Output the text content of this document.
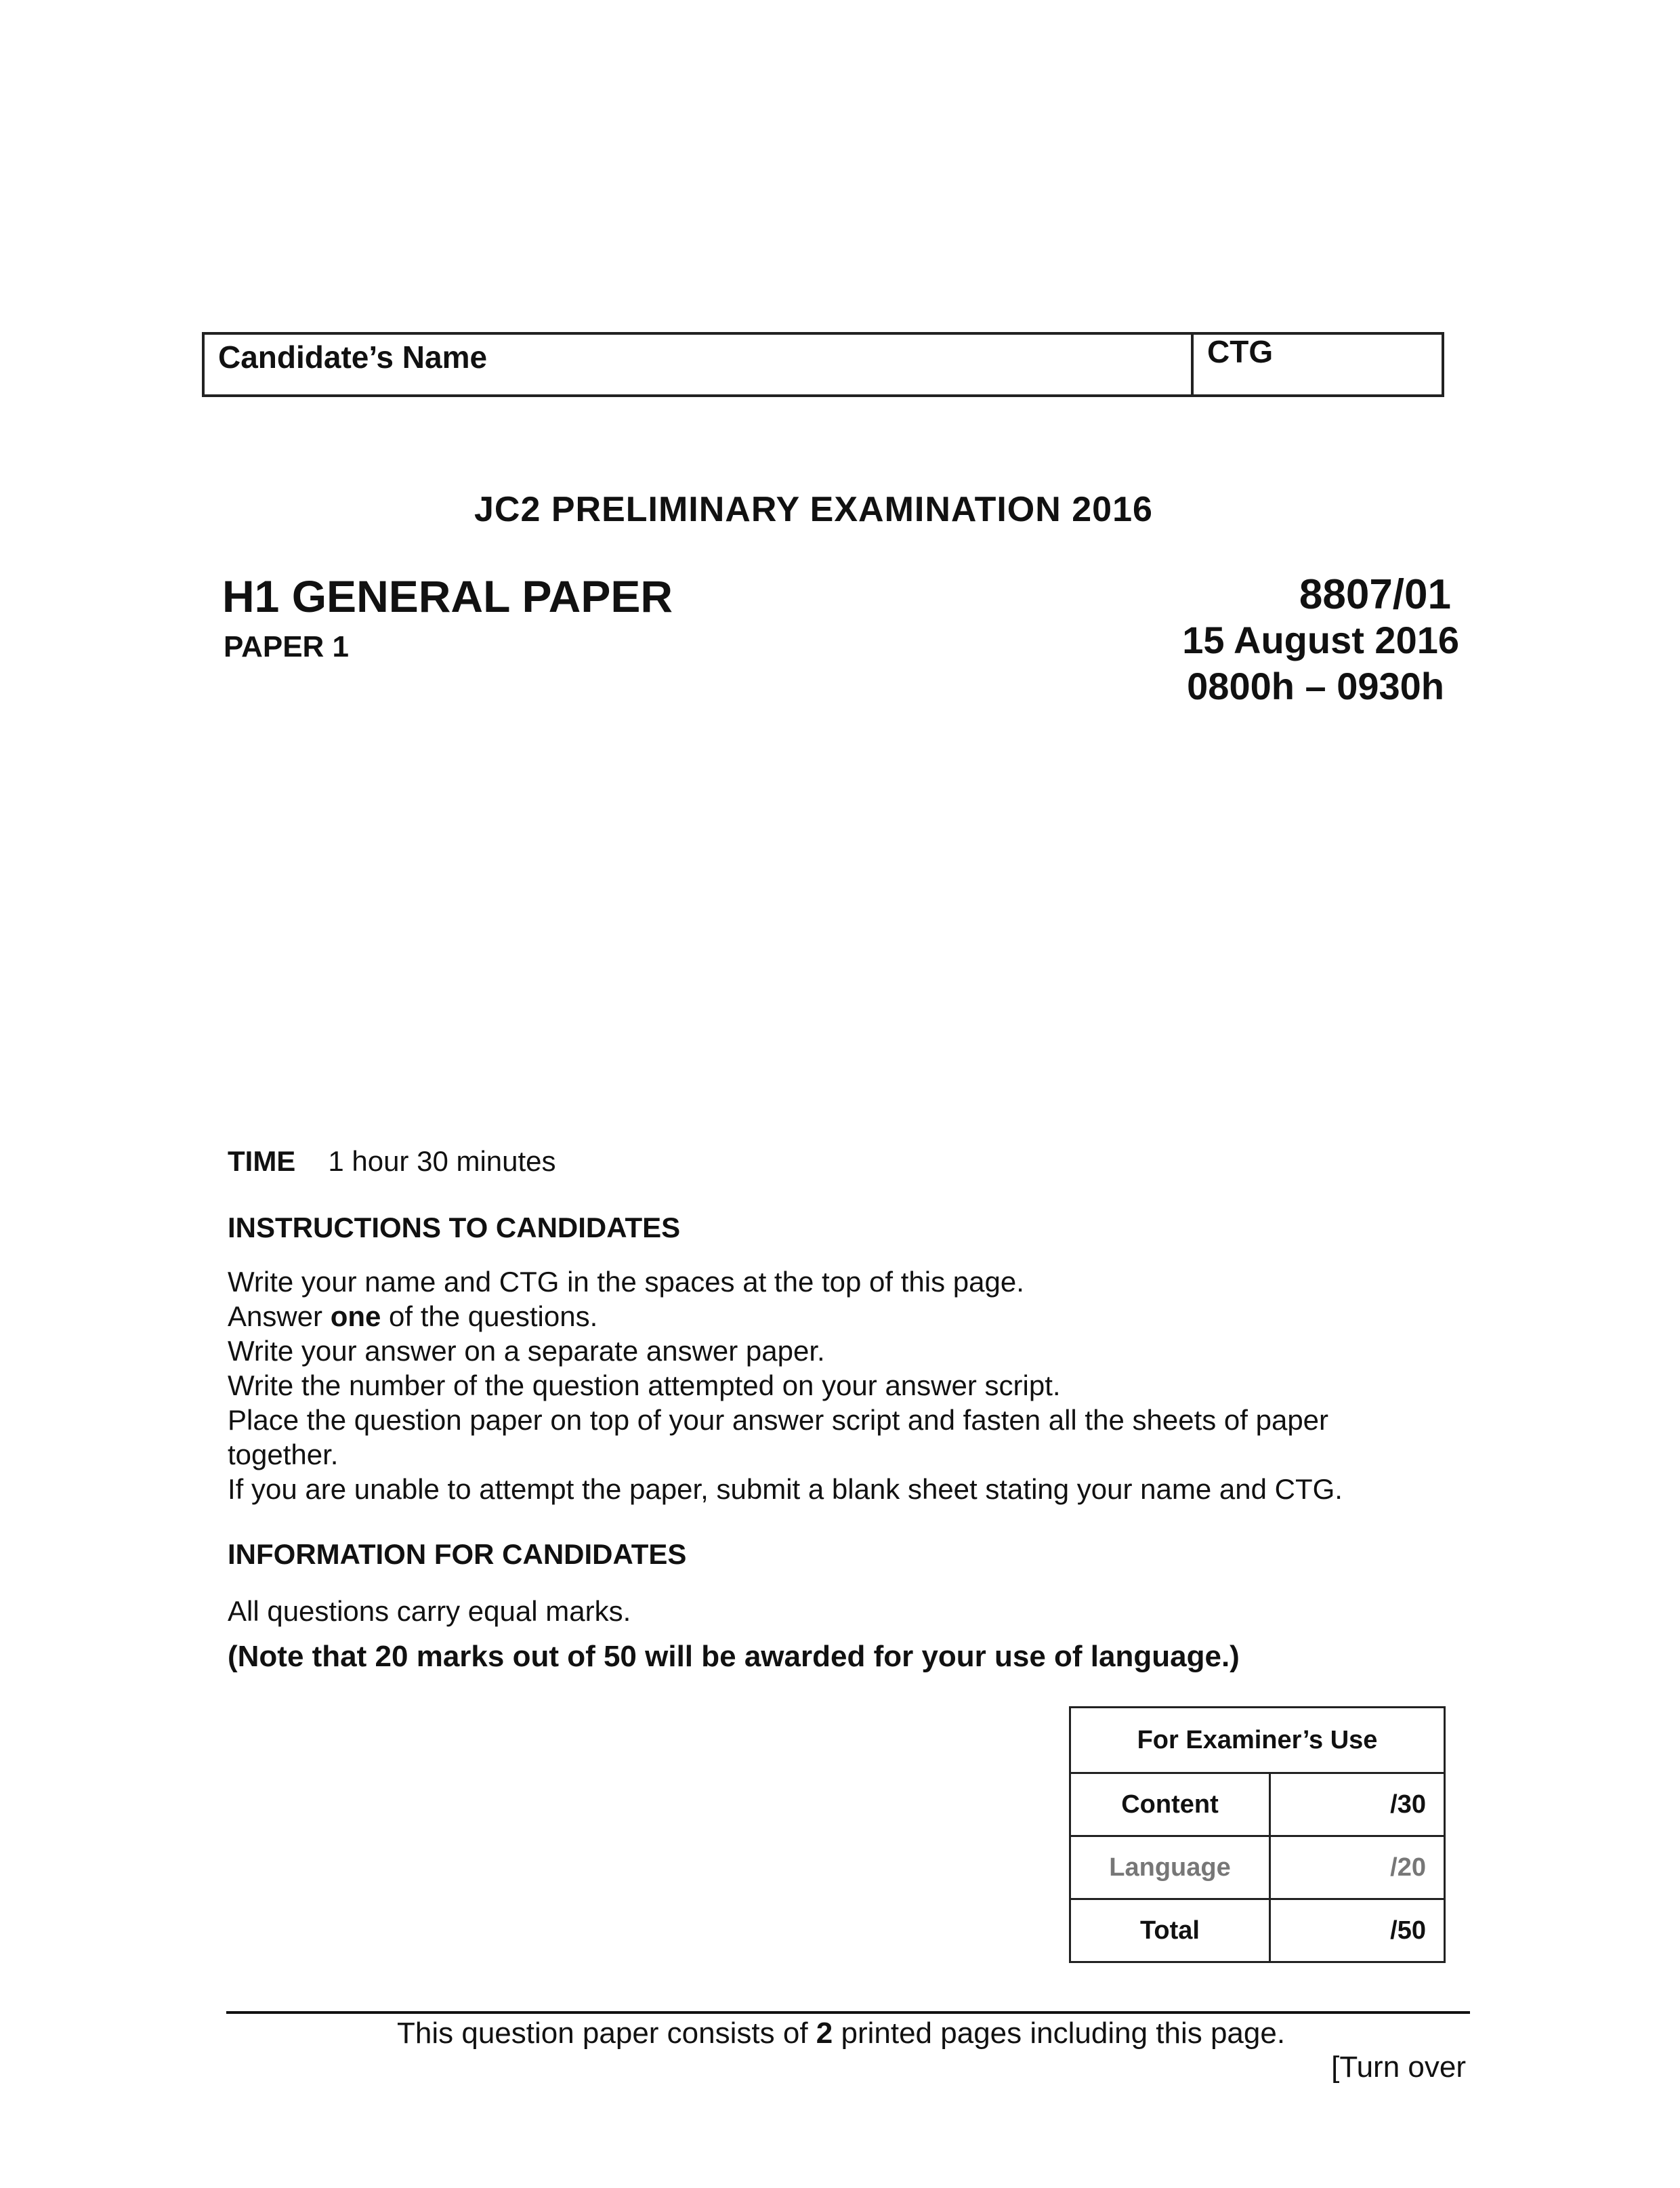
Candidate’s Name	CTG
JC2 PRELIMINARY EXAMINATION 2016
H1 GENERAL PAPER
PAPER 1
8807/01
15 August 2016
0800h – 0930h
TIME 1 hour 30 minutes
INSTRUCTIONS TO CANDIDATES
Write your name and CTG in the spaces at the top of this page.
Answer one of the questions.
Write your answer on a separate answer paper.
Write the number of the question attempted on your answer script.
Place the question paper on top of your answer script and fasten all the sheets of paper together.
If you are unable to attempt the paper, submit a blank sheet stating your name and CTG.
INFORMATION FOR CANDIDATES
All questions carry equal marks.
(Note that 20 marks out of 50 will be awarded for your use of language.)
For Examiner’s Use	
Content	/30
Language	/20
Total	/50
This question paper consists of 2 printed pages including this page.
[Turn over
